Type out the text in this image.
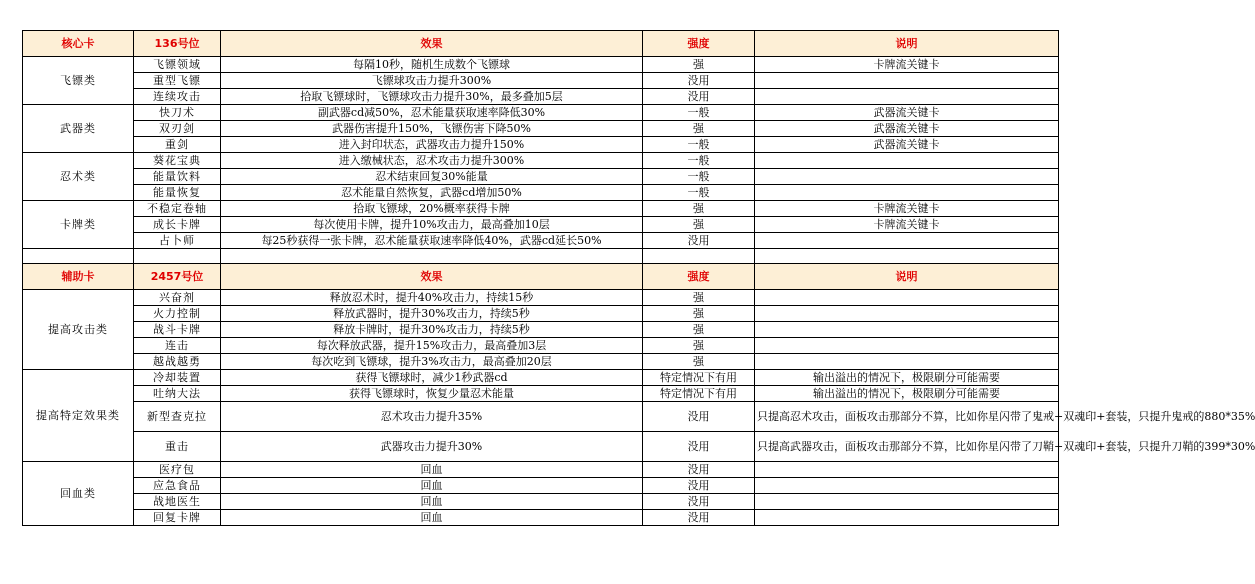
核心卡	136号位	效果	强度	说明
飞镖类	飞镖领域	每隔10秒，随机生成数个飞镖球	强	卡牌流关键卡
	重型飞镖	飞镖球攻击力提升300%	没用	
	连续攻击	拾取飞镖球时，飞镖球攻击力提升30%，最多叠加5层	没用	
武器类	快刀术	副武器cd减50%，忍术能量获取速率降低30%	一般	武器流关键卡
	双刃剑	武器伤害提升150%，飞镖伤害下降50%	强	武器流关键卡
	重剑	进入封印状态，武器攻击力提升150%	一般	武器流关键卡
忍术类	葵花宝典	进入缴械状态，忍术攻击力提升300%	一般	
	能量饮料	忍术结束回复30%能量	一般	
	能量恢复	忍术能量自然恢复，武器cd增加50%	一般	
卡牌类	不稳定卷轴	拾取飞镖球，20%概率获得卡牌	强	卡牌流关键卡
	成长卡牌	每次使用卡牌，提升10%攻击力，最高叠加10层	强	卡牌流关键卡
	占卜师	每25秒获得一张卡牌，忍术能量获取速率降低40%，武器cd延长50%	没用	

辅助卡	2457号位	效果	强度	说明
提高攻击类	兴奋剂	释放忍术时，提升40%攻击力，持续15秒	强	
	火力控制	释放武器时，提升30%攻击力，持续5秒	强	
	战斗卡牌	释放卡牌时，提升30%攻击力，持续5秒	强	
	连击	每次释放武器，提升15%攻击力，最高叠加3层	强	
	越战越勇	每次吃到飞镖球，提升3%攻击力，最高叠加20层	强	
提高特定效果类	冷却装置	获得飞镖球时，减少1秒武器cd	特定情况下有用	输出溢出的情况下，极限刷分可能需要
	吐纳大法	获得飞镖球时，恢复少量忍术能量	特定情况下有用	输出溢出的情况下，极限刷分可能需要
	新型查克拉	忍术攻击力提升35%	没用	只提高忍术攻击，面板攻击那部分不算，比如你星闪带了鬼戒+双魂印+套装，只提升鬼戒的880*35%
	重击	武器攻击力提升30%	没用	只提高武器攻击，面板攻击那部分不算，比如你星闪带了刀鞘+双魂印+套装，只提升刀鞘的399*30%
回血类	医疗包	回血	没用	
	应急食品	回血	没用	
	战地医生	回血	没用	
	回复卡牌	回血	没用	
